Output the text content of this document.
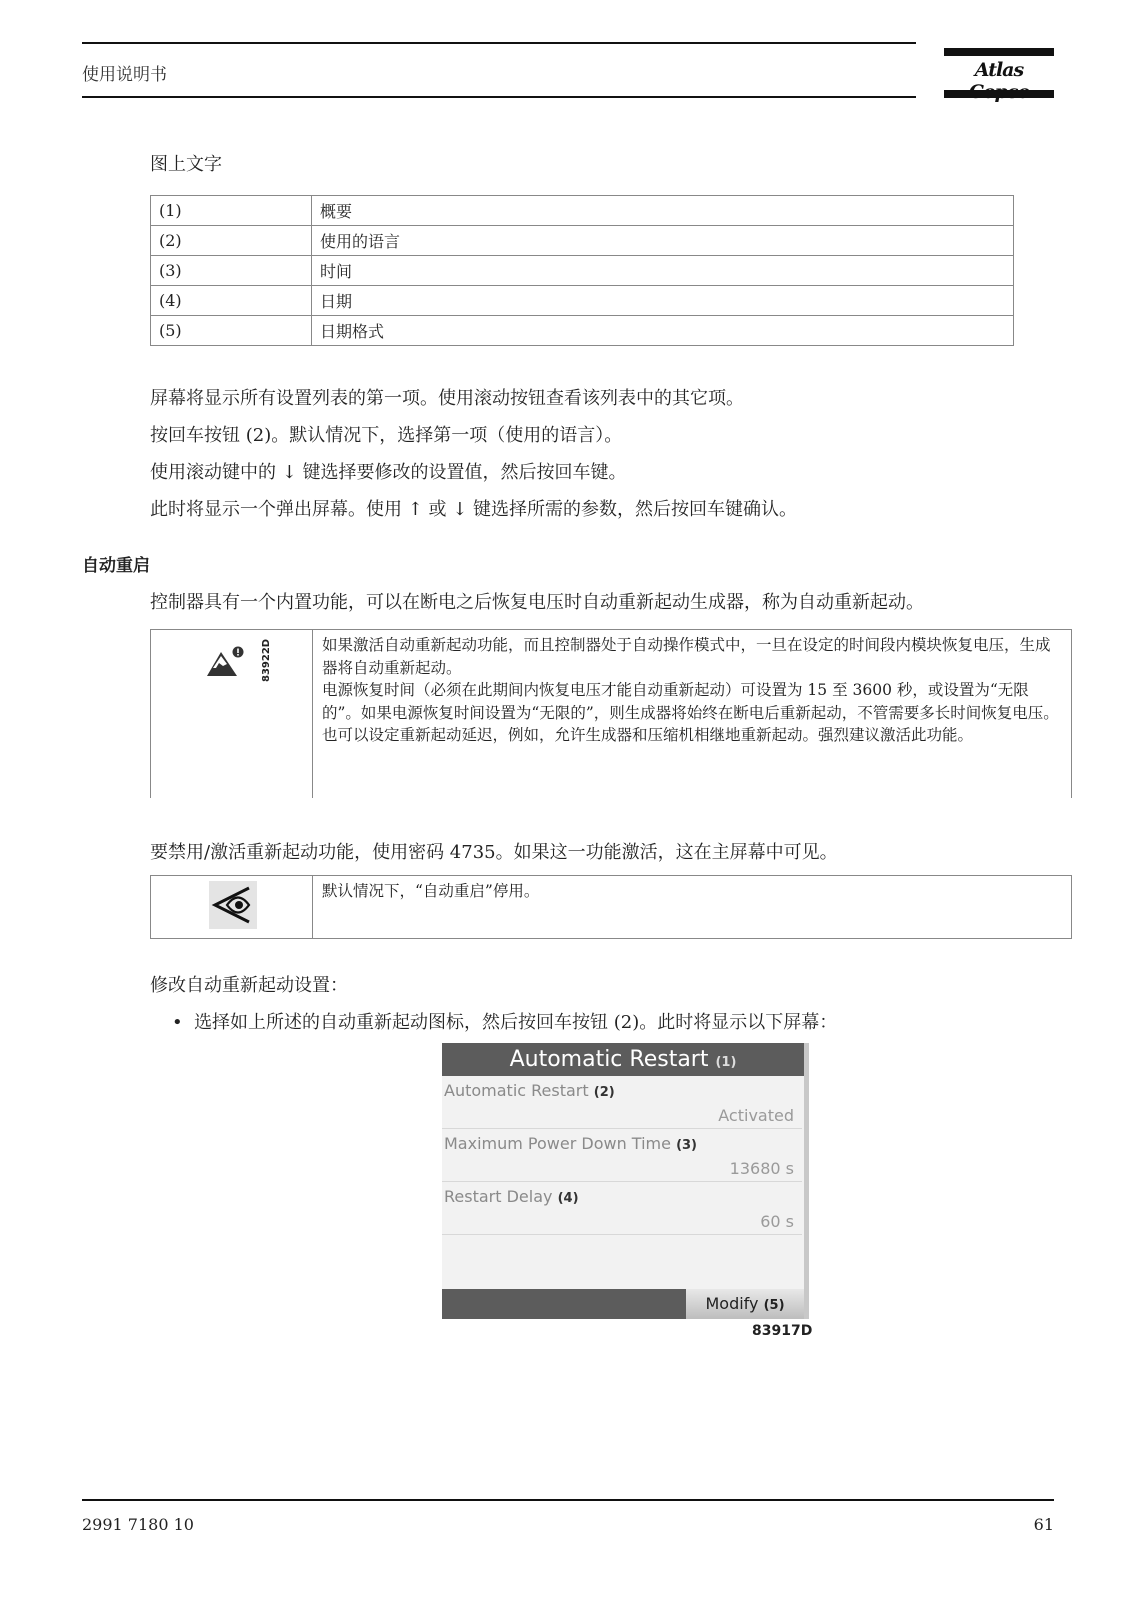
使用说明书	Atlas
图上文字
(1)	概要
(2)	使用的语言
(3)	时间
(4)	日期
(5)	日期格式
屏幕将显示所有设置列表的第一项。使用滚动按钮查看该列表中的其它项。
按回车按钮 (2)。默认情况下，选择第一项（使用的语言）。
使用滚动键中的 ↓ 键选择要修改的设置值，然后按回车键。
此时将显示一个弹出屏幕。使用 ↑ 或 ↓ 键选择所需的参数，然后按回车键确认。
自动重启
控制器具有一个内置功能，可以在断电之后恢复电压时自动重新起动生成器，称为自动重新起动。
83922D	如果激活自动重新起动功能，而且控制器处于自动操作模式中，一旦在设定的时间段内模块恢复电压，生成器将自动重新起动。
电源恢复时间（必须在此期间内恢复电压才能自动重新起动）可设置为 15 至 3600 秒，或设置为“无限的”。如果电源恢复时间设置为“无限的”，则生成器将始终在断电后重新起动，不管需要多长时间恢复电压。
也可以设定重新起动延迟，例如，允许生成器和压缩机相继地重新起动。强烈建议激活此功能。
要禁用/激活重新起动功能，使用密码 4735。如果这一功能激活，这在主屏幕中可见。
默认情况下，“自动重启”停用。
修改自动重新起动设置：
•  选择如上所述的自动重新起动图标，然后按回车按钮 (2)。此时将显示以下屏幕：
Automatic Restart (1)
Automatic Restart (2)
Activated
Maximum Power Down Time (3)
13680 s
Restart Delay (4)
60 s
Modify (5)
83917D
2991 7180 10	61
